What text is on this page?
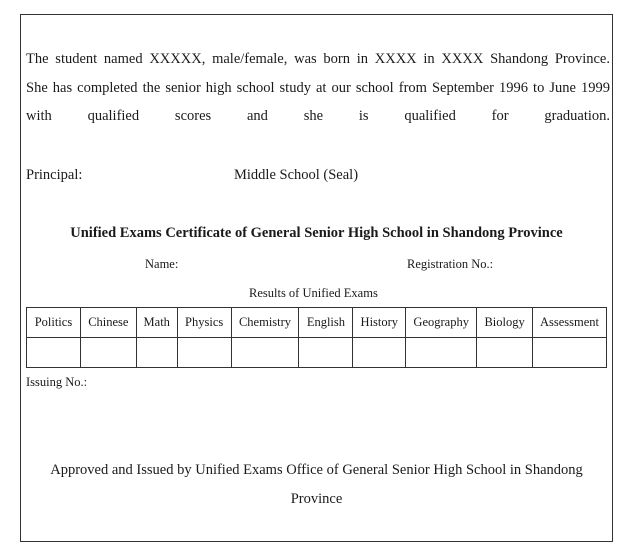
The student named XXXXX, male/female, was born in XXXX in XXXX Shandong Province.
She has completed the senior high school study at our school from September 1996 to June 1999
with qualified scores and she is qualified for graduation.

Principal:	Middle School (Seal)

Unified Exams Certificate of General Senior High School in Shandong Province

Name:	Registration No.:

Results of Unified Exams

Politics	Chinese	Math	Physics	Chemistry	English	History	Geography	Biology	Assessment

Issuing No.:

Approved and Issued by Unified Exams Office of General Senior High School in Shandong Province
